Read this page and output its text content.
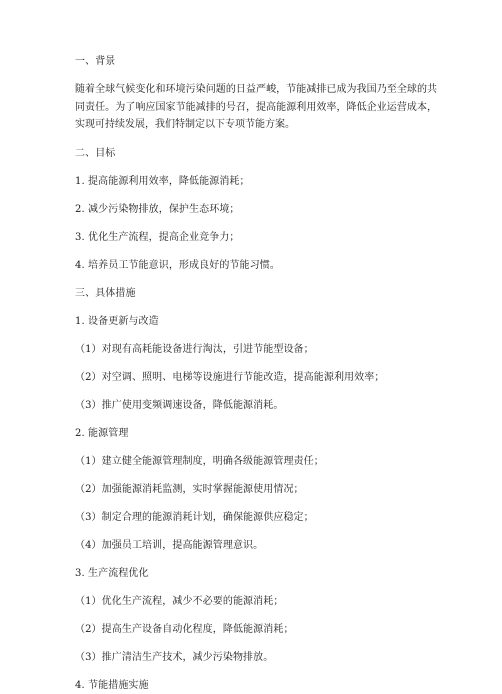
一、背景

随着全球气候变化和环境污染问题的日益严峻，节能减排已成为我国乃至全球的共同责任。为了响应国家节能减排的号召，提高能源利用效率，降低企业运营成本，实现可持续发展，我们特制定以下专项节能方案。

二、目标

1. 提高能源利用效率，降低能源消耗；

2. 减少污染物排放，保护生态环境；

3. 优化生产流程，提高企业竞争力；

4. 培养员工节能意识，形成良好的节能习惯。

三、具体措施

1. 设备更新与改造

（1）对现有高耗能设备进行淘汰，引进节能型设备；

（2）对空调、照明、电梯等设施进行节能改造，提高能源利用效率；

（3）推广使用变频调速设备，降低能源消耗。

2. 能源管理

（1）建立健全能源管理制度，明确各级能源管理责任；

（2）加强能源消耗监测，实时掌握能源使用情况；

（3）制定合理的能源消耗计划，确保能源供应稳定；

（4）加强员工培训，提高能源管理意识。

3. 生产流程优化

（1）优化生产流程，减少不必要的能源消耗；

（2）提高生产设备自动化程度，降低能源消耗；

（3）推广清洁生产技术，减少污染物排放。

4. 节能措施实施
